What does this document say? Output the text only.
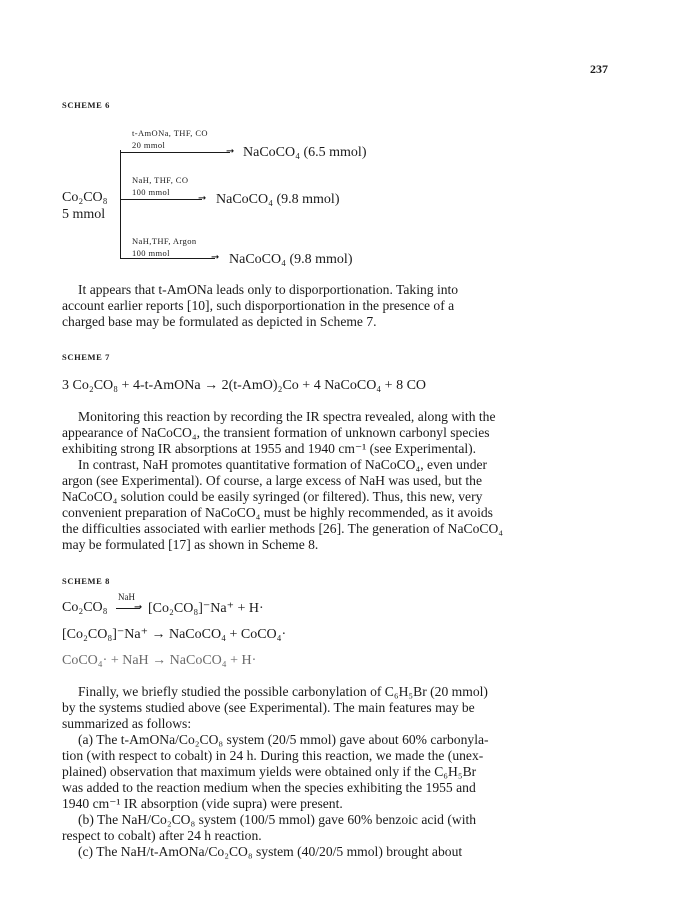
237
SCHEME 6
Co₂CO₈
5 mmol
t-AmONa, THF, CO
20 mmol
➞ NaCoCO₄ (6.5 mmol)
NaH, THF, CO
100 mmol
➞ NaCoCO₄ (9.8 mmol)
NaH,THF, Argon
100 mmol	➞ NaCoCO₄ (9.8 mmol)
It appears that t-AmONa leads only to disporportionation. Taking into
account earlier reports [10], such disporportionation in the presence of a
charged base may be formulated as depicted in Scheme 7.
SCHEME 7
3 Co₂CO₈ + 4-t-AmONa → 2(t-AmO)₂Co + 4 NaCoCO₄ + 8 CO
Monitoring this reaction by recording the IR spectra revealed, along with the
appearance of NaCoCO₄, the transient formation of unknown carbonyl species
exhibiting strong IR absorptions at 1955 and 1940 cm⁻¹ (see Experimental).
In contrast, NaH promotes quantitative formation of NaCoCO₄, even under
argon (see Experimental). Of course, a large excess of NaH was used, but the
NaCoCO₄ solution could be easily syringed (or filtered). Thus, this new, very
convenient preparation of NaCoCO₄ must be highly recommended, as it avoids
the difficulties associated with earlier methods [26]. The generation of NaCoCO₄
may be formulated [17] as shown in Scheme 8.
SCHEME 8
Co₂CO₈
NaH
➞ [Co₂CO₈]⁻Na⁺ + H·
[Co₂CO₈]⁻Na⁺ → NaCoCO₄ + CoCO₄·
CoCO₄· + NaH → NaCoCO₄ + H·
Finally, we briefly studied the possible carbonylation of C₆H₅Br (20 mmol)
by the systems studied above (see Experimental). The main features may be
summarized as follows:
(a) The t-AmONa/Co₂CO₈ system (20/5 mmol) gave about 60% carbonyla-
tion (with respect to cobalt) in 24 h. During this reaction, we made the (unex-
plained) observation that maximum yields were obtained only if the C₆H₅Br
was added to the reaction medium when the species exhibiting the 1955 and
1940 cm⁻¹ IR absorption (vide supra) were present.
(b) The NaH/Co₂CO₈ system (100/5 mmol) gave 60% benzoic acid (with
respect to cobalt) after 24 h reaction.
(c) The NaH/t-AmONa/Co₂CO₈ system (40/20/5 mmol) brought about
